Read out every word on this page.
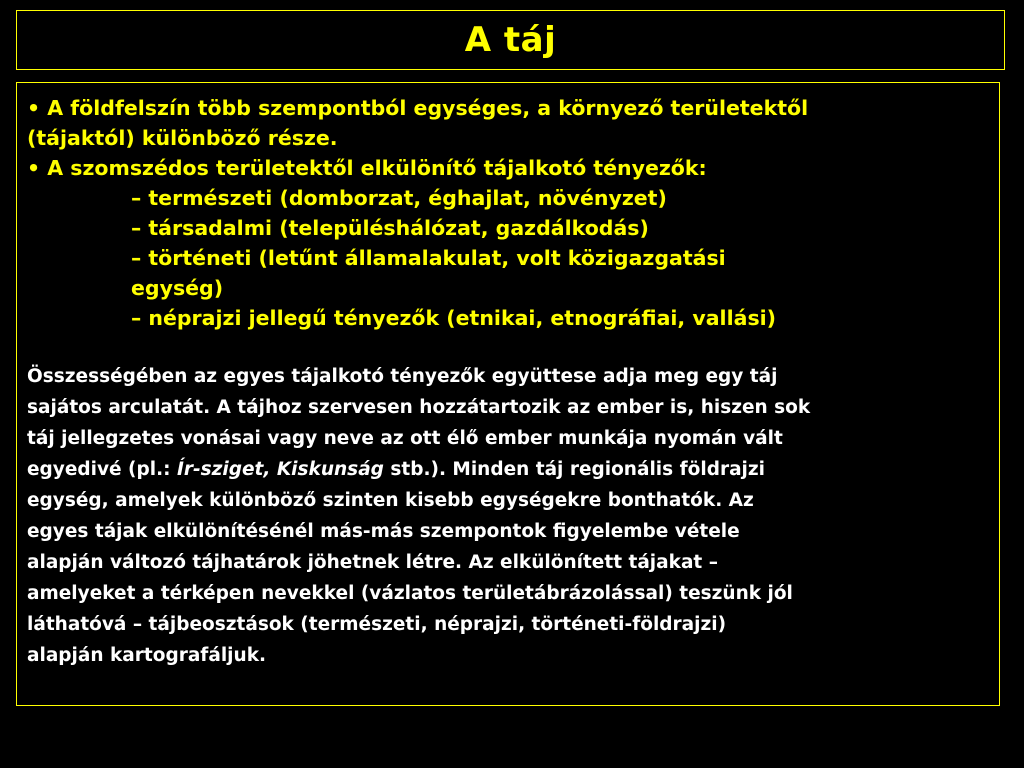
A táj
• A földfelszín több szempontból egységes, a környező területektől
(tájaktól) különböző része.
• A szomszédos területektől elkülönítő tájalkotó tényezők:
– természeti (domborzat, éghajlat, növényzet)
– társadalmi (településhálózat, gazdálkodás)
– történeti (letűnt államalakulat, volt közigazgatási
egység)
– néprajzi jellegű tényezők (etnikai, etnográfiai, vallási)
Összességében az egyes tájalkotó tényezők együttese adja meg egy táj
sajátos arculatát. A tájhoz szervesen hozzátartozik az ember is, hiszen sok
táj jellegzetes vonásai vagy neve az ott élő ember munkája nyomán vált
egyedivé (pl.: Ír-sziget, Kiskunság stb.). Minden táj regionális földrajzi
egység, amelyek különböző szinten kisebb egységekre bonthatók. Az
egyes tájak elkülönítésénél más-más szempontok figyelembe vétele
alapján változó tájhatárok jöhetnek létre. Az elkülönített tájakat –
amelyeket a térképen nevekkel (vázlatos területábrázolással) teszünk jól
láthatóvá – tájbeosztások (természeti, néprajzi, történeti-földrajzi)
alapján kartografáljuk.
